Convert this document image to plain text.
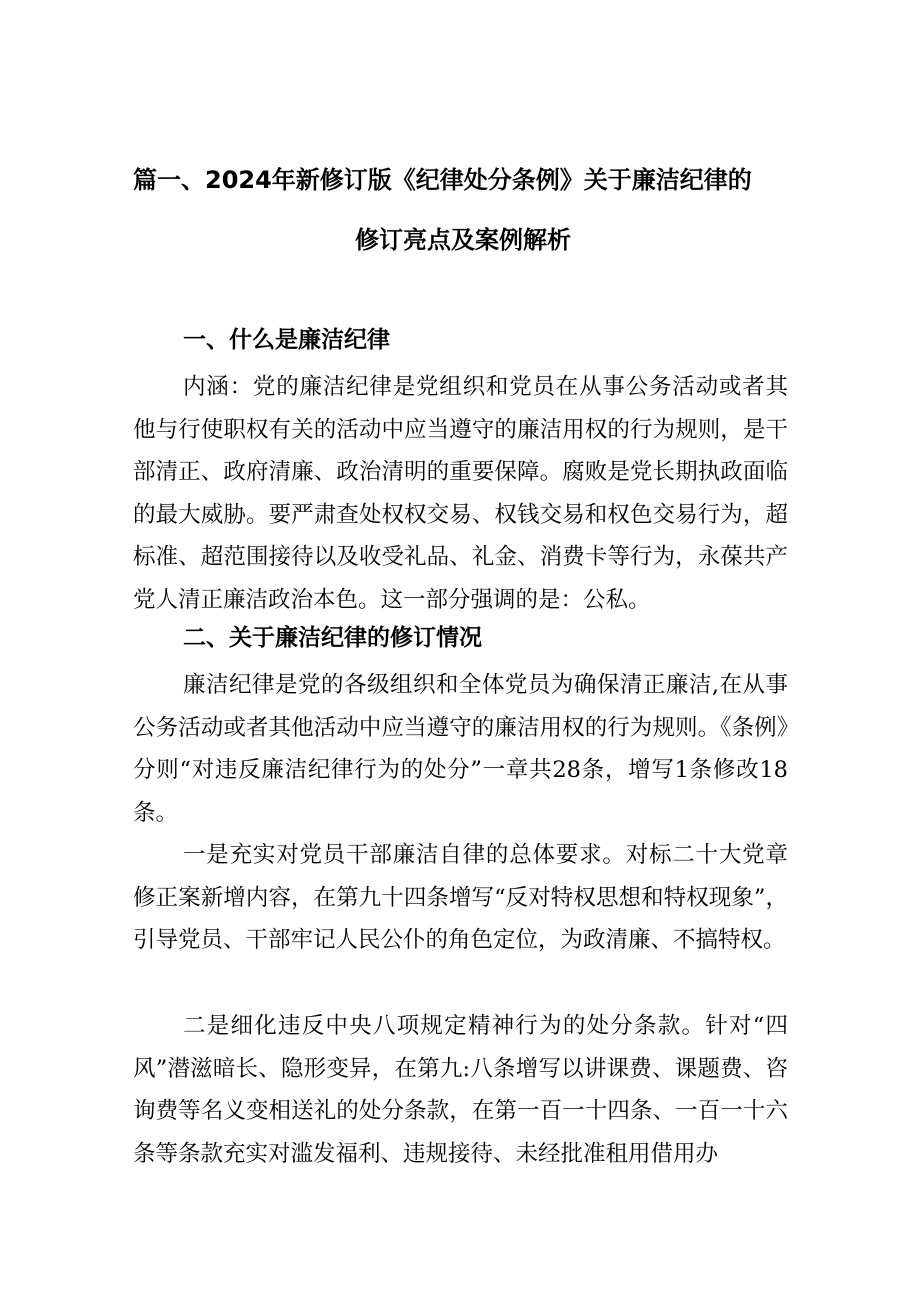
篇一、2024年新修订版《纪律处分条例》关于廉洁纪律的
修订亮点及案例解析
一、什么是廉洁纪律

内涵：党的廉洁纪律是党组织和党员在从事公务活动或者其他与行使职权有关的活动中应当遵守的廉洁用权的行为规则，是干部清正、政府清廉、政治清明的重要保障。腐败是党长期执政面临的最大威胁。要严肃查处权权交易、权钱交易和权色交易行为，超标准、超范围接待以及收受礼品、礼金、消费卡等行为，永葆共产党人清正廉洁政治本色。这一部分强调的是：公私。

二、关于廉洁纪律的修订情况

廉洁纪律是党的各级组织和全体党员为确保清正廉洁,在从事公务活动或者其他活动中应当遵守的廉洁用权的行为规则。《条例》分则“对违反廉洁纪律行为的处分”一章共28条，增写1条修改18条。

一是充实对党员干部廉洁自律的总体要求。对标二十大党章修正案新增内容，在第九十四条增写“反对特权思想和特权现象”，引导党员、干部牢记人民公仆的角色定位，为政清廉、不搞特权。

二是细化违反中央八项规定精神行为的处分条款。针对“四风”潜滋暗长、隐形变异，在第九:八条增写以讲课费、课题费、咨询费等名义变相送礼的处分条款，在第一百一十四条、一百一十六条等条款充实对滥发福利、违规接待、未经批准租用借用办
